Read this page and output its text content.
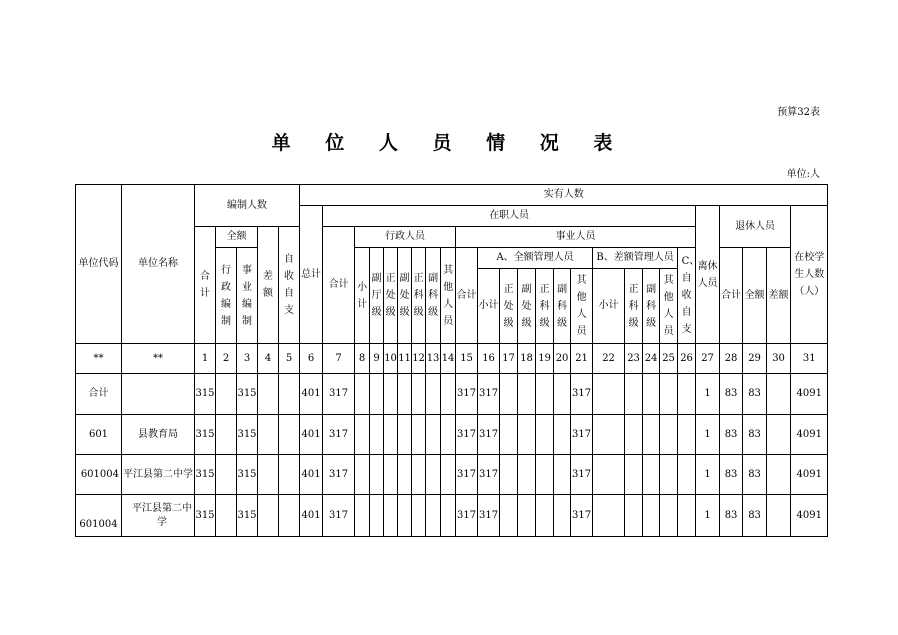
预算32表
单 位 人 员 情 况 表
单位:人
单位代码	单位名称	编制人数					实有人数																									
							总计	在职人员																				离休人员	退休人员			在校学生人数（人）

		合计	全额		差额	自收自支		合计	行政人员							事业人员																

			行政编制	事业编制					小计	副厅级	正处级	副处级	正科级	副科级	其他人员	合计	A、全额管理人员						B、差额管理人员				C、自收自支		合计	全额	差额	
																	小计	正处级	副处级	正科级	副科级	其他人员	小计	正科级	副科级	其他人员						

**	**	1	2	3	4	5	6	7	8	9	10	11	12	13	14	15	16	17	18	19	20	21	22	23	24	25	26	27	28	29	30	31
合计		315		315			401	317								317	317					317						1	83	83		4091
601	县教育局	315		315			401	317								317	317					317						1	83	83		4091
601004	平江县第二中学	315		315			401	317								317	317					317						1	83	83		4091
601004	平江县第二中学	315		315			401	317								317	317					317						1	83	83		4091
